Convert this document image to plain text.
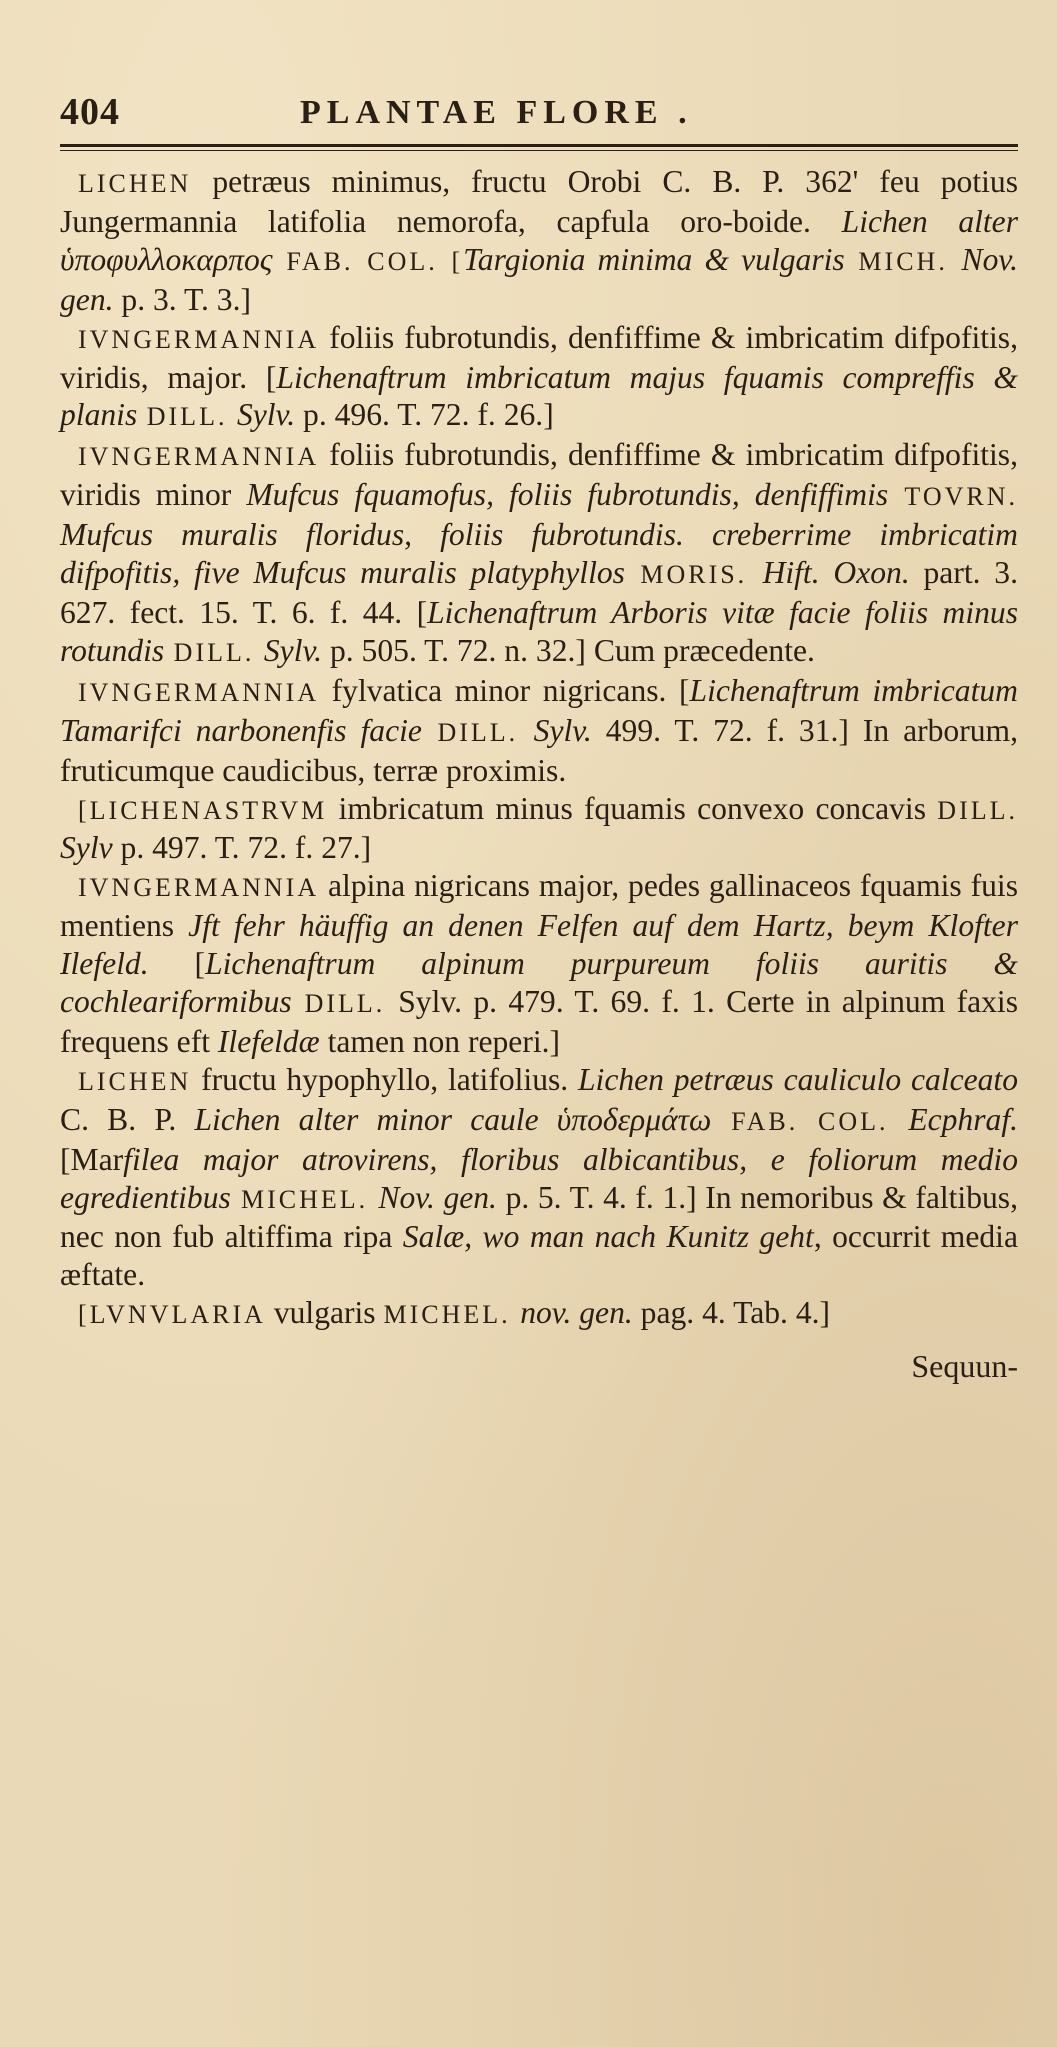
404	PLANTAE FLORE .

LICHEN petræus minimus, fructu Orobi C. B. P. 362' feu potius Jungermannia latifolia nemorofa, capfula oro-boide. Lichen alter ὑποφυλλοκαρπος FAB. COL. [Targionia minima & vulgaris MICH. Nov. gen. p. 3. T. 3.]

IVNGERMANNIA foliis fubrotundis, denfiffime & imbricatim difpofitis, viridis, major. [Lichenaftrum imbricatum majus fquamis compreffis & planis DILL. Sylv. p. 496. T. 72. f. 26.]

IVNGERMANNIA foliis fubrotundis, denfiffime & imbricatim difpofitis, viridis minor Mufcus fquamofus, foliis fubrotundis, denfiffimis TOVRN. Mufcus muralis floridus, foliis fubrotundis. creberrime imbricatim difpofitis, five Mufcus muralis platyphyllos MORIS. Hift. Oxon. part. 3. 627. fect. 15. T. 6. f. 44. [Lichenaftrum Arboris vitæ facie foliis minus rotundis DILL. Sylv. p. 505. T. 72. n. 32.] Cum præcedente.

IVNGERMANNIA fylvatica minor nigricans. [Lichenaftrum imbricatum Tamarifci narbonenfis facie DILL. Sylv. 499. T. 72. f. 31.] In arborum, fruticumque caudicibus, terræ proximis.

[LICHENASTRVM imbricatum minus fquamis convexo concavis DILL. Sylv p. 497. T. 72. f. 27.]

IVNGERMANNIA alpina nigricans major, pedes gallinaceos fquamis fuis mentiens Jft fehr häuffig an denen Felfen auf dem Hartz, beym Klofter Ilefeld. [Lichenaftrum alpinum purpureum foliis auritis & cochleariformibus DILL. Sylv. p. 479. T. 69. f. 1. Certe in alpinum faxis frequens eft Ilefeldæ tamen non reperi.]

LICHEN fructu hypophyllo, latifolius. Lichen petræus cauliculo calceato C. B. P. Lichen alter minor caule ὑποδερμάτω FAB. COL. Ecphraf. [Marfilea major atrovirens, floribus albicantibus, e foliorum medio egredientibus MICHEL. Nov. gen. p. 5. T. 4. f. 1.] In nemoribus & faltibus, nec non fub altiffima ripa Salæ, wo man nach Kunitz geht, occurrit media æftate.

[LVNVLARIA vulgaris MICHEL. nov. gen. pag. 4. Tab. 4.]

Sequun-
